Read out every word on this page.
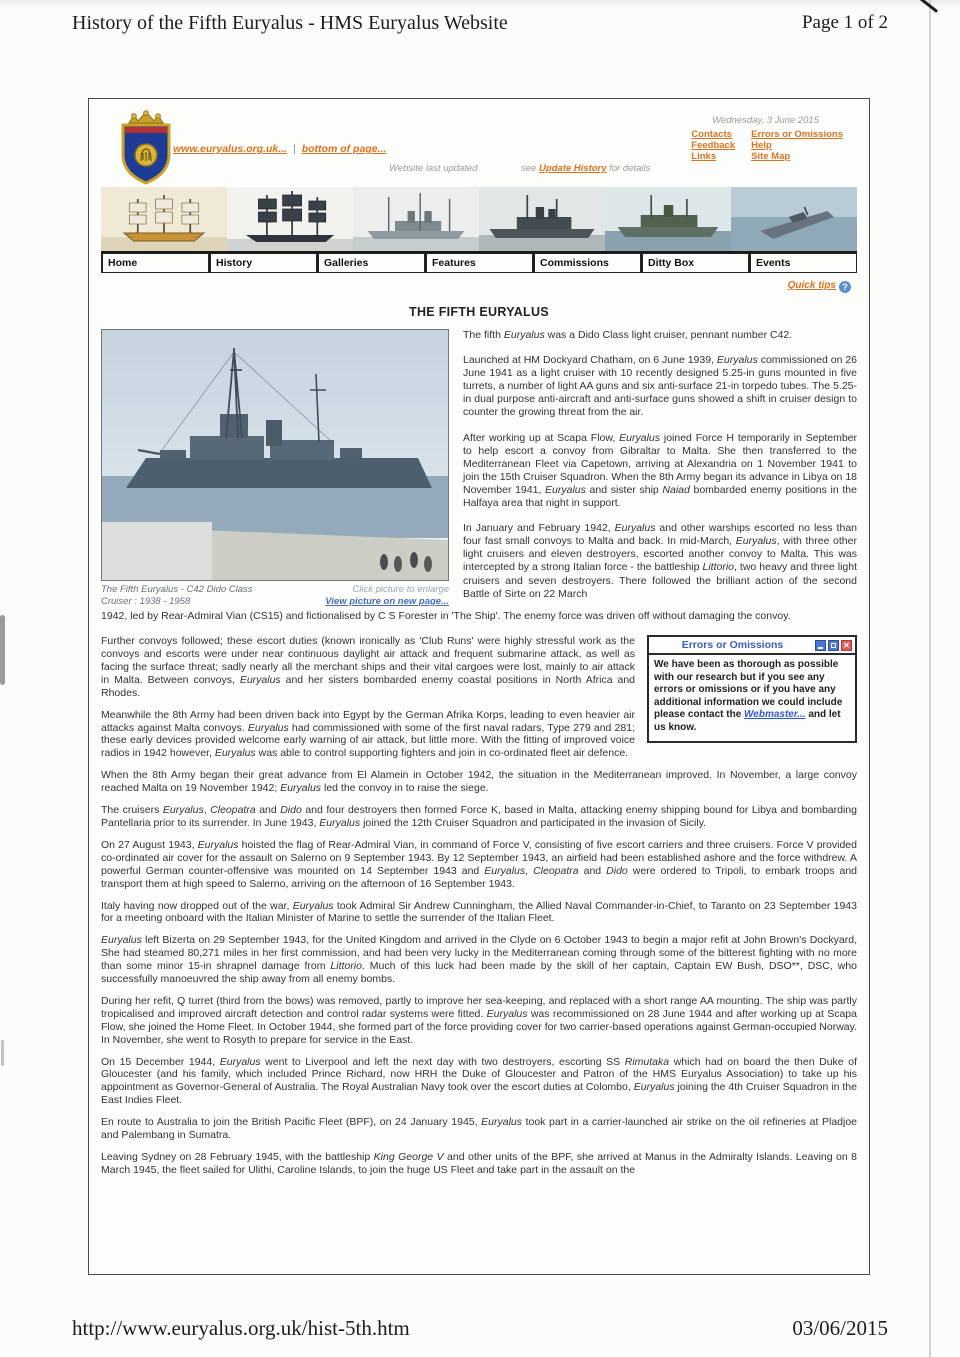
History of the Fifth Euryalus - HMS Euryalus Website	Page 1 of 2
www.euryalus.org.uk... | bottom of page...
Wednesday, 3 June 2015
Contacts
Feedback
Links
Errors or Omissions
Help
Site Map
Website last updated	see Update History for details
Home	History	Galleries	Features	Commissions	Ditty Box	Events
Quick tips ?
THE FIFTH EURYALUS
The Fifth Euryalus - C42 Dido Class
Cruiser : 1938 - 1958
Click picture to enlarge
View picture on new page...

The fifth Euryalus was a Dido Class light cruiser, pennant number C42.

Launched at HM Dockyard Chatham, on 6 June 1939, Euryalus commissioned on 26 June 1941 as a light cruiser with 10 recently designed 5.25-in guns mounted in five turrets, a number of light AA guns and six anti-surface 21-in torpedo tubes. The 5.25-in dual purpose anti-aircraft and anti-surface guns showed a shift in cruiser design to counter the growing threat from the air.

After working up at Scapa Flow, Euryalus joined Force H temporarily in September to help escort a convoy from Gibraltar to Malta. She then transferred to the Mediterranean Fleet via Capetown, arriving at Alexandria on 1 November 1941 to join the 15th Cruiser Squadron. When the 8th Army began its advance in Libya on 18 November 1941, Euryalus and sister ship Naiad bombarded enemy positions in the Halfaya area that night in support.

In January and February 1942, Euryalus and other warships escorted no less than four fast small convoys to Malta and back. In mid-March, Euryalus, with three other light cruisers and eleven destroyers, escorted another convoy to Malta. This was intercepted by a strong Italian force - the battleship Littorio, two heavy and three light cruisers and seven destroyers. There followed the brilliant action of the second Battle of Sirte on 22 March

1942, led by Rear-Admiral Vian (CS15) and fictionalised by C S Forester in 'The Ship'. The enemy force was driven off without damaging the convoy.

Errors or Omissions	✕
We have been as thorough as possible with our research but if you see any errors or omissions or if you have any additional information we could include please contact the Webmaster... and let us know.

Further convoys followed; these escort duties (known ironically as 'Club Runs' were highly stressful work as the convoys and escorts were under near continuous daylight air attack and frequent submarine attack, as well as facing the surface threat; sadly nearly all the merchant ships and their vital cargoes were lost, mainly to air attack in Malta. Between convoys, Euryalus and her sisters bombarded enemy coastal positions in North Africa and Rhodes.

Meanwhile the 8th Army had been driven back into Egypt by the German Afrika Korps, leading to even heavier air attacks against Malta convoys. Euryalus had commissioned with some of the first naval radars, Type 279 and 281; these early devices provided welcome early warning of air attack, but little more. With the fitting of improved voice radios in 1942 however, Euryalus was able to control supporting fighters and join in co-ordinated fleet air defence.

When the 8th Army began their great advance from El Alamein in October 1942, the situation in the Mediterranean improved. In November, a large convoy reached Malta on 19 November 1942; Euryalus led the convoy in to raise the siege.

The cruisers Euryalus, Cleopatra and Dido and four destroyers then formed Force K, based in Malta, attacking enemy shipping bound for Libya and bombarding Pantellaria prior to its surrender. In June 1943, Euryalus joined the 12th Cruiser Squadron and participated in the invasion of Sicily.

On 27 August 1943, Euryalus hoisted the flag of Rear-Admiral Vian, in command of Force V, consisting of five escort carriers and three cruisers. Force V provided co-ordinated air cover for the assault on Salerno on 9 September 1943. By 12 September 1943, an airfield had been established ashore and the force withdrew. A powerful German counter-offensive was mounted on 14 September 1943 and Euryalus, Cleopatra and Dido were ordered to Tripoli, to embark troops and transport them at high speed to Salerno, arriving on the afternoon of 16 September 1943.

Italy having now dropped out of the war, Euryalus took Admiral Sir Andrew Cunningham, the Allied Naval Commander-in-Chief, to Taranto on 23 September 1943 for a meeting onboard with the Italian Minister of Marine to settle the surrender of the Italian Fleet.

Euryalus left Bizerta on 29 September 1943, for the United Kingdom and arrived in the Clyde on 6 October 1943 to begin a major refit at John Brown's Dockyard, She had steamed 80,271 miles in her first commission, and had been very lucky in the Mediterranean coming through some of the bitterest fighting with no more than some minor 15-in shrapnel damage from Littorio. Much of this luck had been made by the skill of her captain, Captain EW Bush, DSO**, DSC, who successfully manoeuvred the ship away from all enemy bombs.

During her refit, Q turret (third from the bows) was removed, partly to improve her sea-keeping, and replaced with a short range AA mounting. The ship was partly tropicalised and improved aircraft detection and control radar systems were fitted. Euryalus was recommissioned on 28 June 1944 and after working up at Scapa Flow, she joined the Home Fleet. In October 1944, she formed part of the force providing cover for two carrier-based operations against German-occupied Norway. In November, she went to Rosyth to prepare for service in the East.

On 15 December 1944, Euryalus went to Liverpool and left the next day with two destroyers, escorting SS Rimutaka which had on board the then Duke of Gloucester (and his family, which included Prince Richard, now HRH the Duke of Gloucester and Patron of the HMS Euryalus Association) to take up his appointment as Governor-General of Australia. The Royal Australian Navy took over the escort duties at Colombo, Euryalus joining the 4th Cruiser Squadron in the East Indies Fleet.

En route to Australia to join the British Pacific Fleet (BPF), on 24 January 1945, Euryalus took part in a carrier-launched air strike on the oil refineries at Pladjoe and Palembang in Sumatra.

Leaving Sydney on 28 February 1945, with the battleship King George V and other units of the BPF, she arrived at Manus in the Admiralty Islands. Leaving on 8 March 1945, the fleet sailed for Ulithi, Caroline Islands, to join the huge US Fleet and take part in the assault on the

http://www.euryalus.org.uk/hist-5th.htm	03/06/2015
